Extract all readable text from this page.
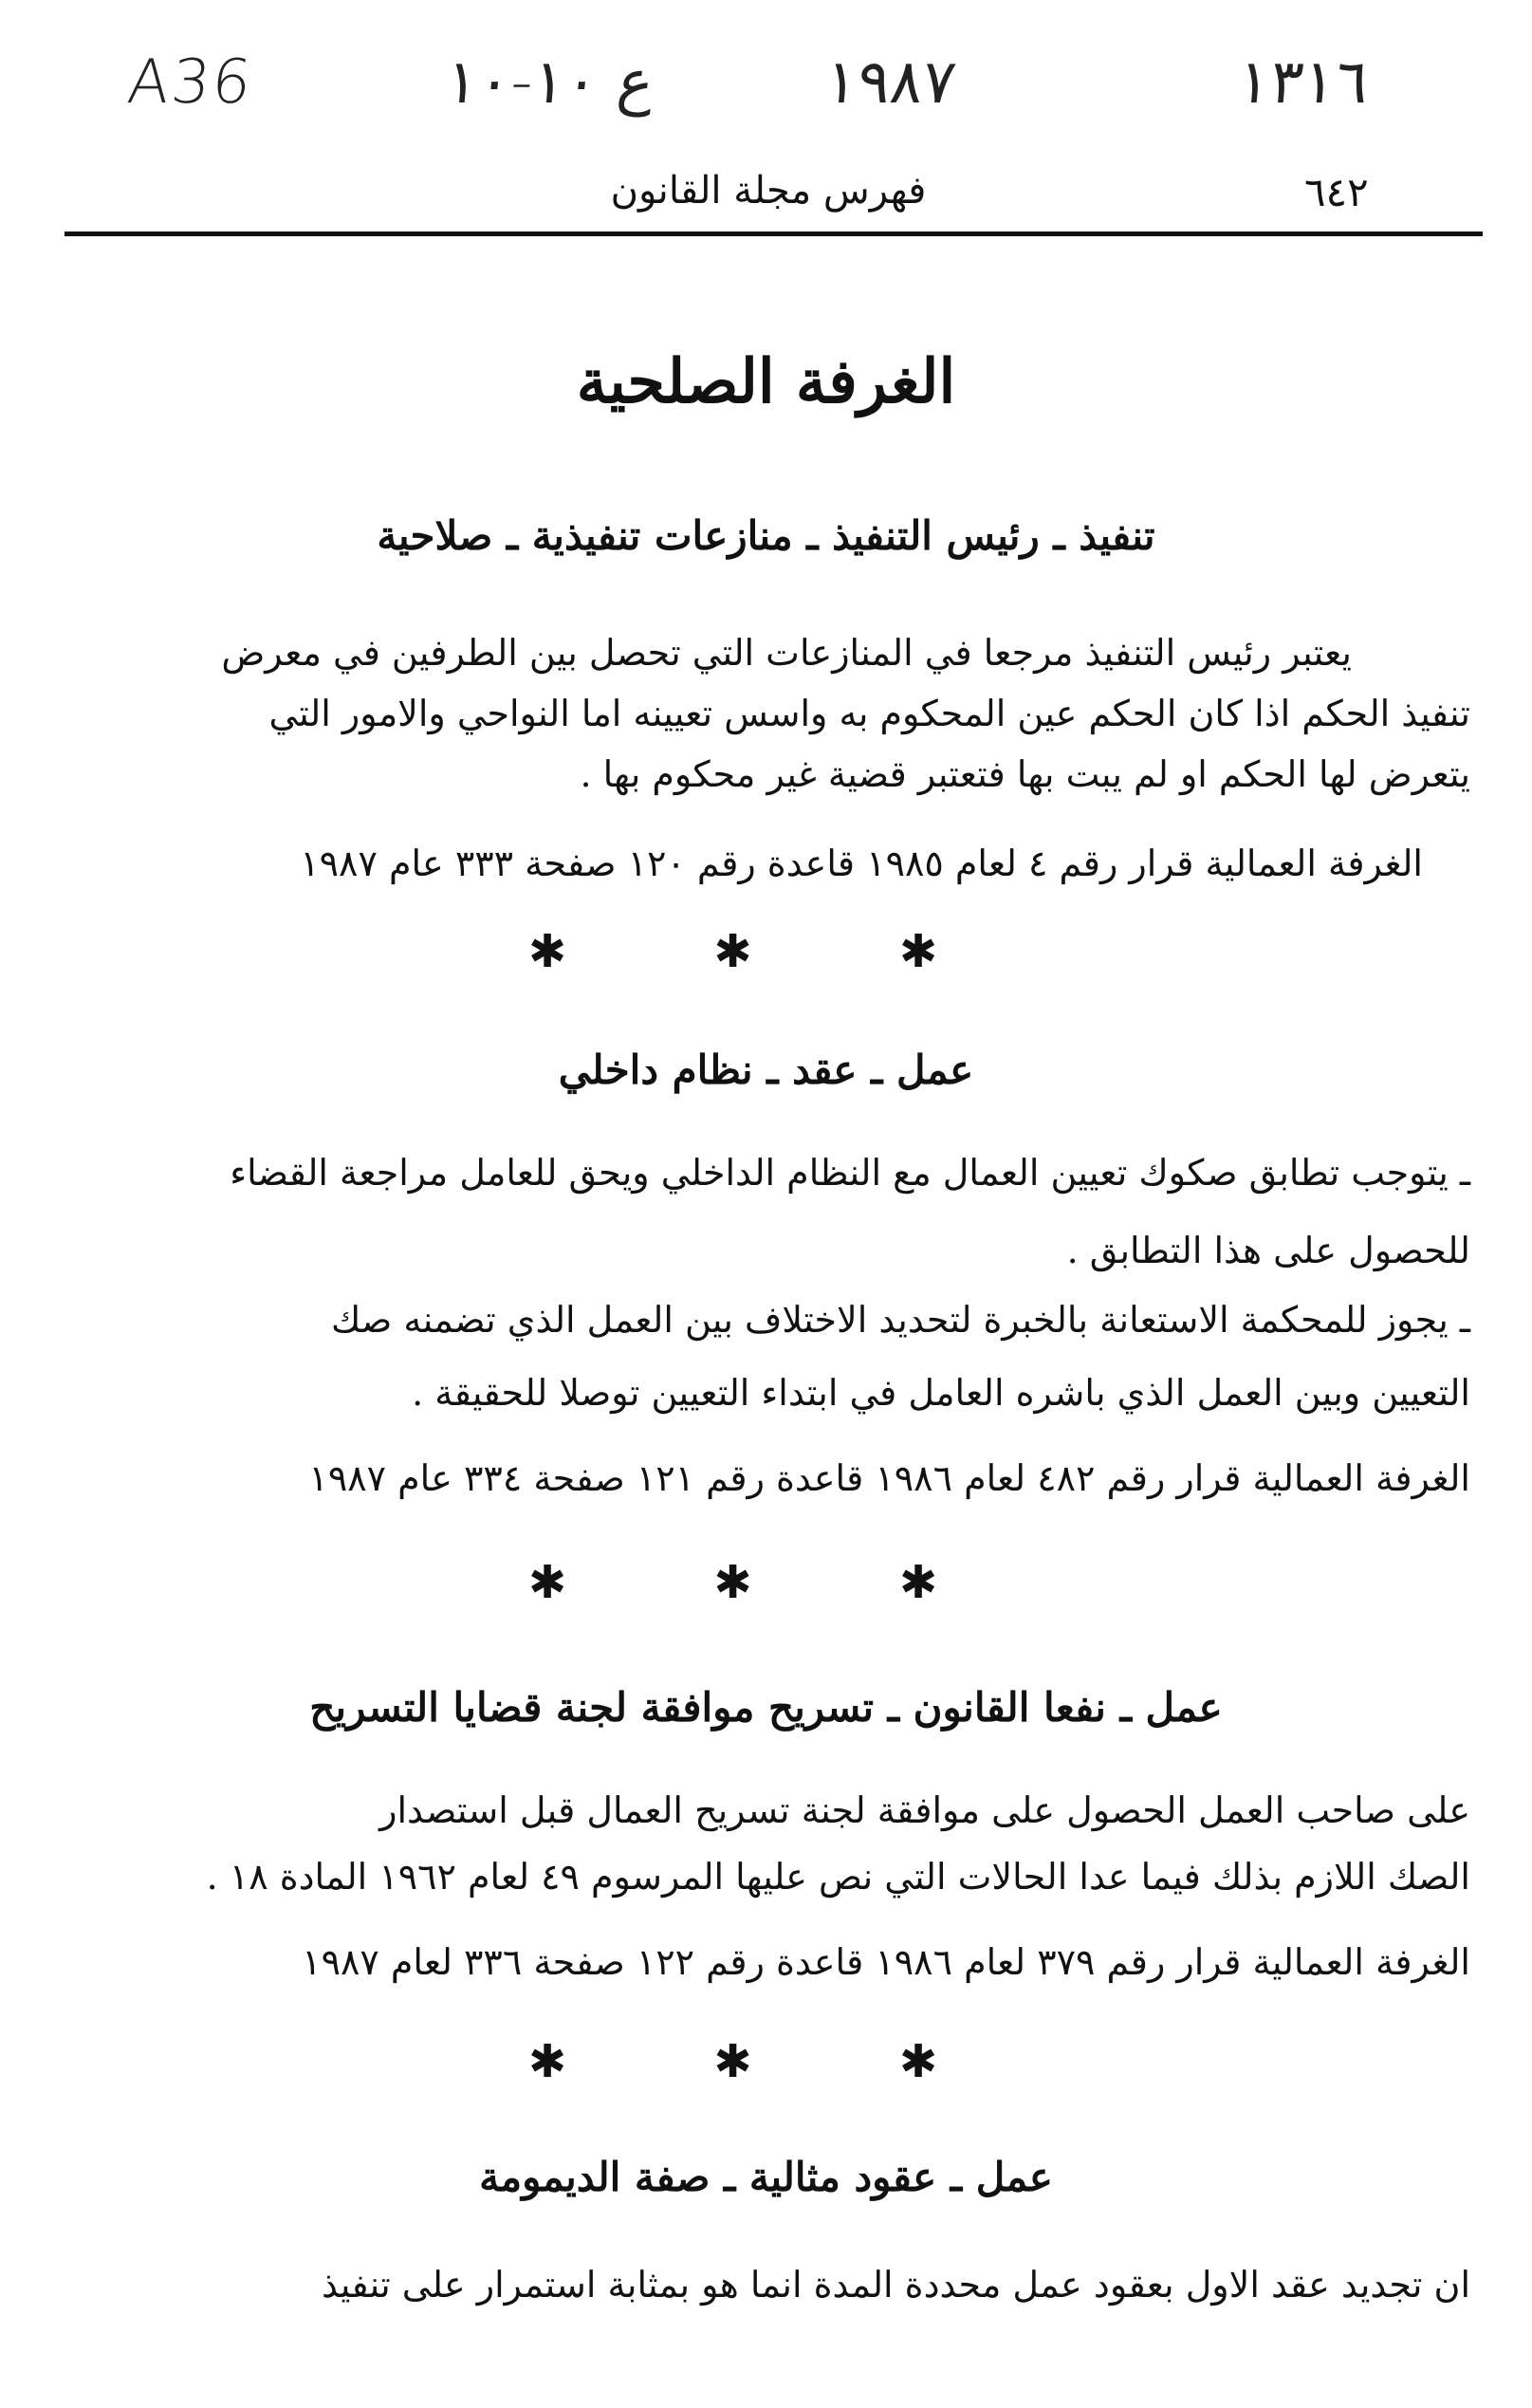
A36	ع ١٠-١٠	١٩٨٧	١٣١٦
فهرس مجلة القانون	٦٤٢
الغرفة الصلحية
تنفيذ ـ رئيس التنفيذ ـ منازعات تنفيذية ـ صلاحية
يعتبر رئيس التنفيذ مرجعا في المنازعات التي تحصل بين الطرفين في معرض
تنفيذ الحكم اذا كان الحكم عين المحكوم به واسس تعيينه اما النواحي والامور التي
يتعرض لها الحكم او لم يبت بها فتعتبر قضية غير محكوم بها .
الغرفة العمالية قرار رقم ٤ لعام ١٩٨٥ قاعدة رقم ١٢٠ صفحة ٣٣٣ عام ١٩٨٧
✱ ✱ ✱
عمل ـ عقد ـ نظام داخلي
ـ يتوجب تطابق صكوك تعيين العمال مع النظام الداخلي ويحق للعامل مراجعة القضاء
للحصول على هذا التطابق .
ـ يجوز للمحكمة الاستعانة بالخبرة لتحديد الاختلاف بين العمل الذي تضمنه صك
التعيين وبين العمل الذي باشره العامل في ابتداء التعيين توصلا للحقيقة .
الغرفة العمالية قرار رقم ٤٨٢ لعام ١٩٨٦ قاعدة رقم ١٢١ صفحة ٣٣٤ عام ١٩٨٧
✱ ✱ ✱
عمل ـ نفعا القانون ـ تسريح موافقة لجنة قضايا التسريح
على صاحب العمل الحصول على موافقة لجنة تسريح العمال قبل استصدار
الصك اللازم بذلك فيما عدا الحالات التي نص عليها المرسوم ٤٩ لعام ١٩٦٢ المادة ١٨ .
الغرفة العمالية قرار رقم ٣٧٩ لعام ١٩٨٦ قاعدة رقم ١٢٢ صفحة ٣٣٦ لعام ١٩٨٧
✱ ✱ ✱
عمل ـ عقود مثالية ـ صفة الديمومة
ان تجديد عقد الاول بعقود عمل محددة المدة انما هو بمثابة استمرار على تنفيذ
